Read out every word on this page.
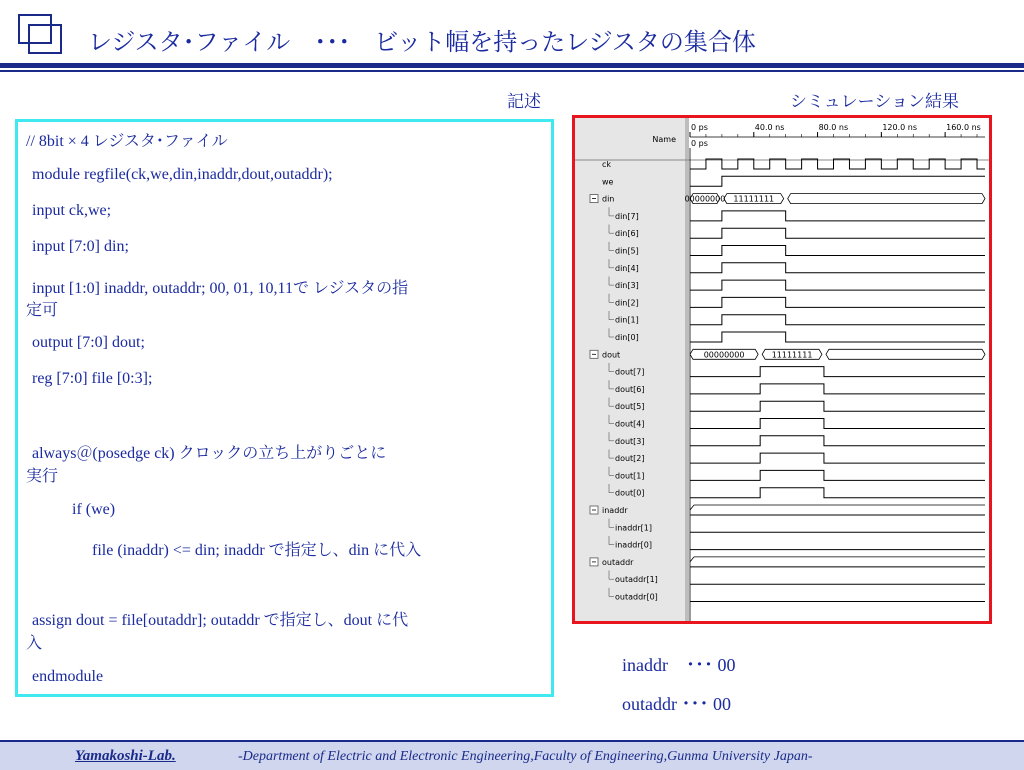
レジスタ･ファイル　･･･　ビット幅を持ったレジスタの集合体
記述	シミュレーション結果
// 8bit × 4 レジスタ･ファイル
module regfile(ck,we,din,inaddr,dout,outaddr);
input ck,we;
input [7:0] din;
input [1:0] inaddr, outaddr; 00, 01, 10,11で レジスタの指
定可
output [7:0] dout;
reg [7:0] file [0:3];
always＠(posedge ck) クロックの立ち上がりごとに
実行
if (we)
file (inaddr) <= din; inaddr で指定し、din に代入
assign dout = file[outaddr]; outaddr で指定し、dout に代
入
endmodule
Name
0 ps	40.0 ns	80.0 ns	120.0 ns	160.0 ns
0 ps
ck
we
din	00000000 11111111
din[7]
din[6]
din[5]
din[4]
din[3]
din[2]
din[1]
din[0]
dout	00000000	11111111
dout[7]
dout[6]
dout[5]
dout[4]
dout[3]
dout[2]
dout[1]
dout[0]
inaddr
inaddr[1]
inaddr[0]
outaddr
outaddr[1]
outaddr[0]
inaddr　･･･ 00
outaddr ･･･ 00
Yamakoshi-Lab.	-Department of Electric and Electronic Engineering,Faculty of Engineering,Gunma University Japan-
